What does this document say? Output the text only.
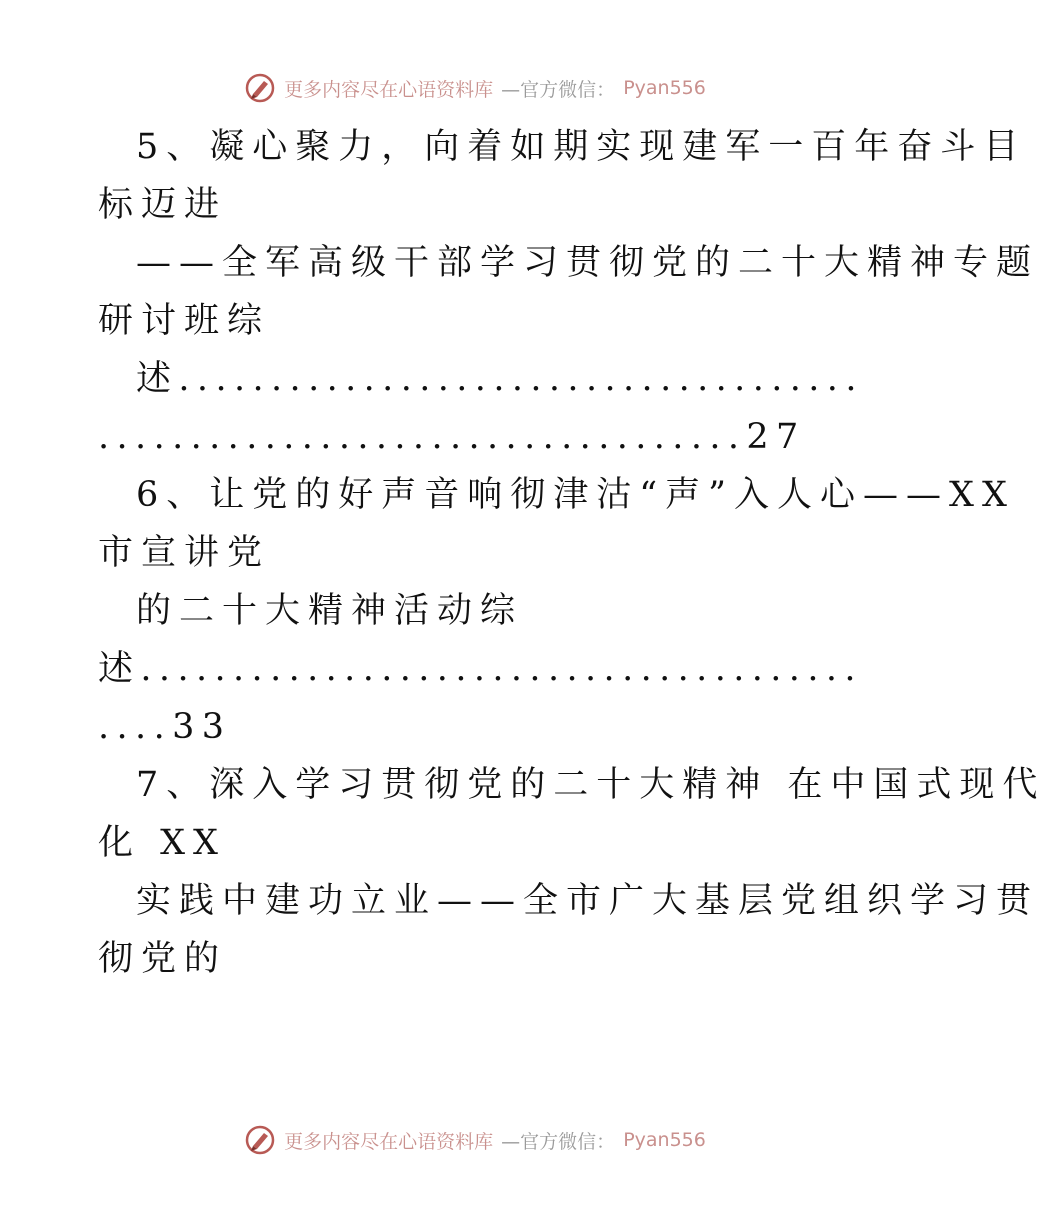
更多内容尽在心语资料库 —官方微信： Pyan556
5、凝心聚力，向着如期实现建军一百年奋斗目
标迈进
——全军高级干部学习贯彻党的二十大精神专题
研讨班综
述.....................................
...................................27
6、让党的好声音响彻津沽“声”入人心——XX
市宣讲党
的二十大精神活动综
述.......................................
....33
7、深入学习贯彻党的二十大精神 在中国式现代
化 XX
实践中建功立业——全市广大基层党组织学习贯
彻党的
更多内容尽在心语资料库 —官方微信： Pyan556
